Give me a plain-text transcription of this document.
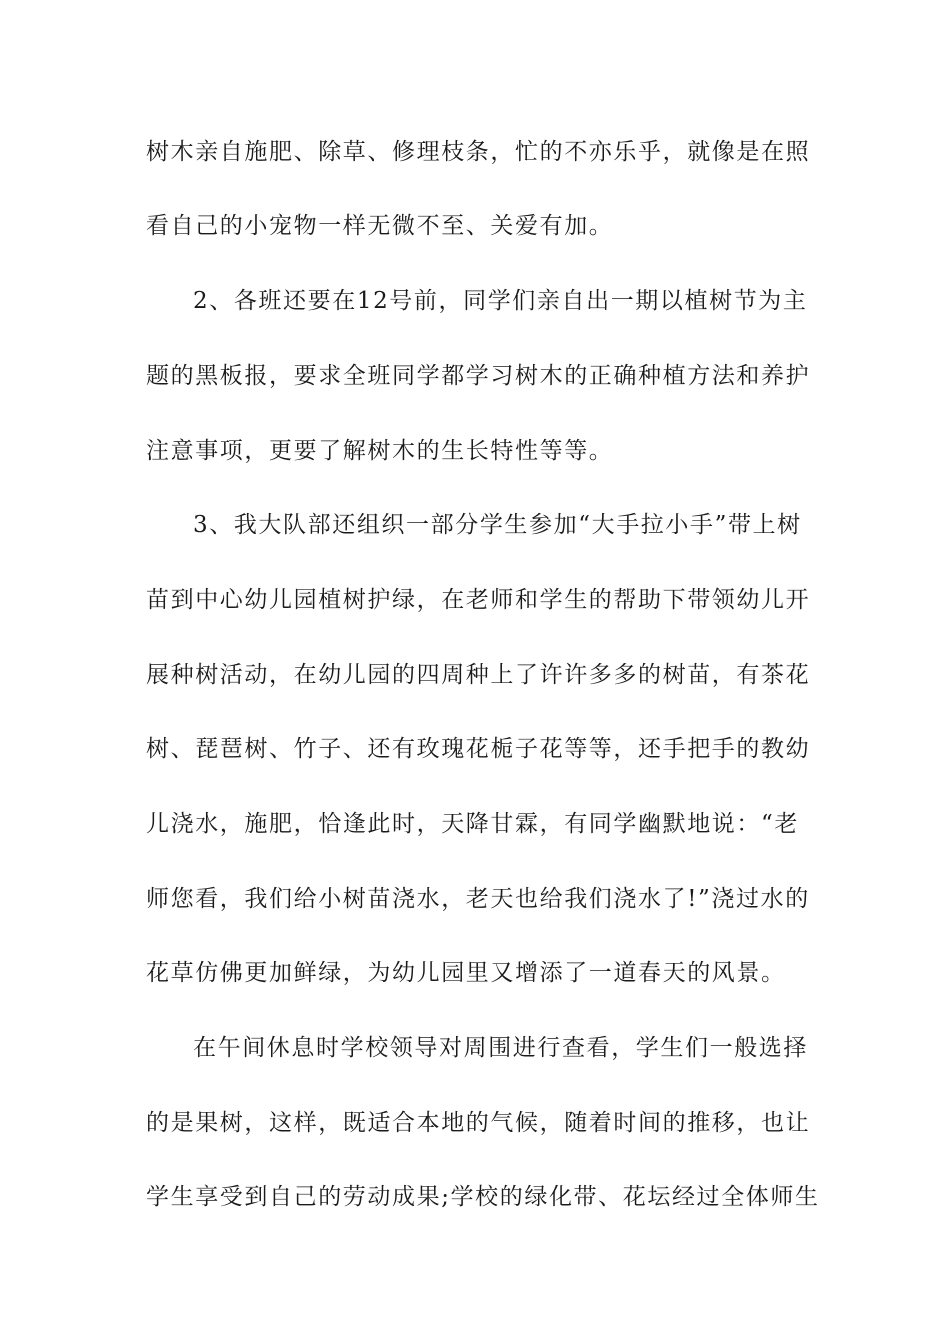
树木亲自施肥、除草、修理枝条，忙的不亦乐乎，就像是在照
看自己的小宠物一样无微不至、关爱有加。
2、各班还要在12号前，同学们亲自出一期以植树节为主
题的黑板报，要求全班同学都学习树木的正确种植方法和养护
注意事项，更要了解树木的生长特性等等。
3、我大队部还组织一部分学生参加“大手拉小手”带上树
苗到中心幼儿园植树护绿，在老师和学生的帮助下带领幼儿开
展种树活动，在幼儿园的四周种上了许许多多的树苗，有茶花
树、琵琶树、竹子、还有玫瑰花栀子花等等，还手把手的教幼
儿浇水，施肥，恰逢此时，天降甘霖，有同学幽默地说：“老
师您看，我们给小树苗浇水，老天也给我们浇水了!”浇过水的
花草仿佛更加鲜绿，为幼儿园里又增添了一道春天的风景。
在午间休息时学校领导对周围进行查看，学生们一般选择
的是果树，这样，既适合本地的气候，随着时间的推移，也让
学生享受到自己的劳动成果;学校的绿化带、花坛经过全体师生
